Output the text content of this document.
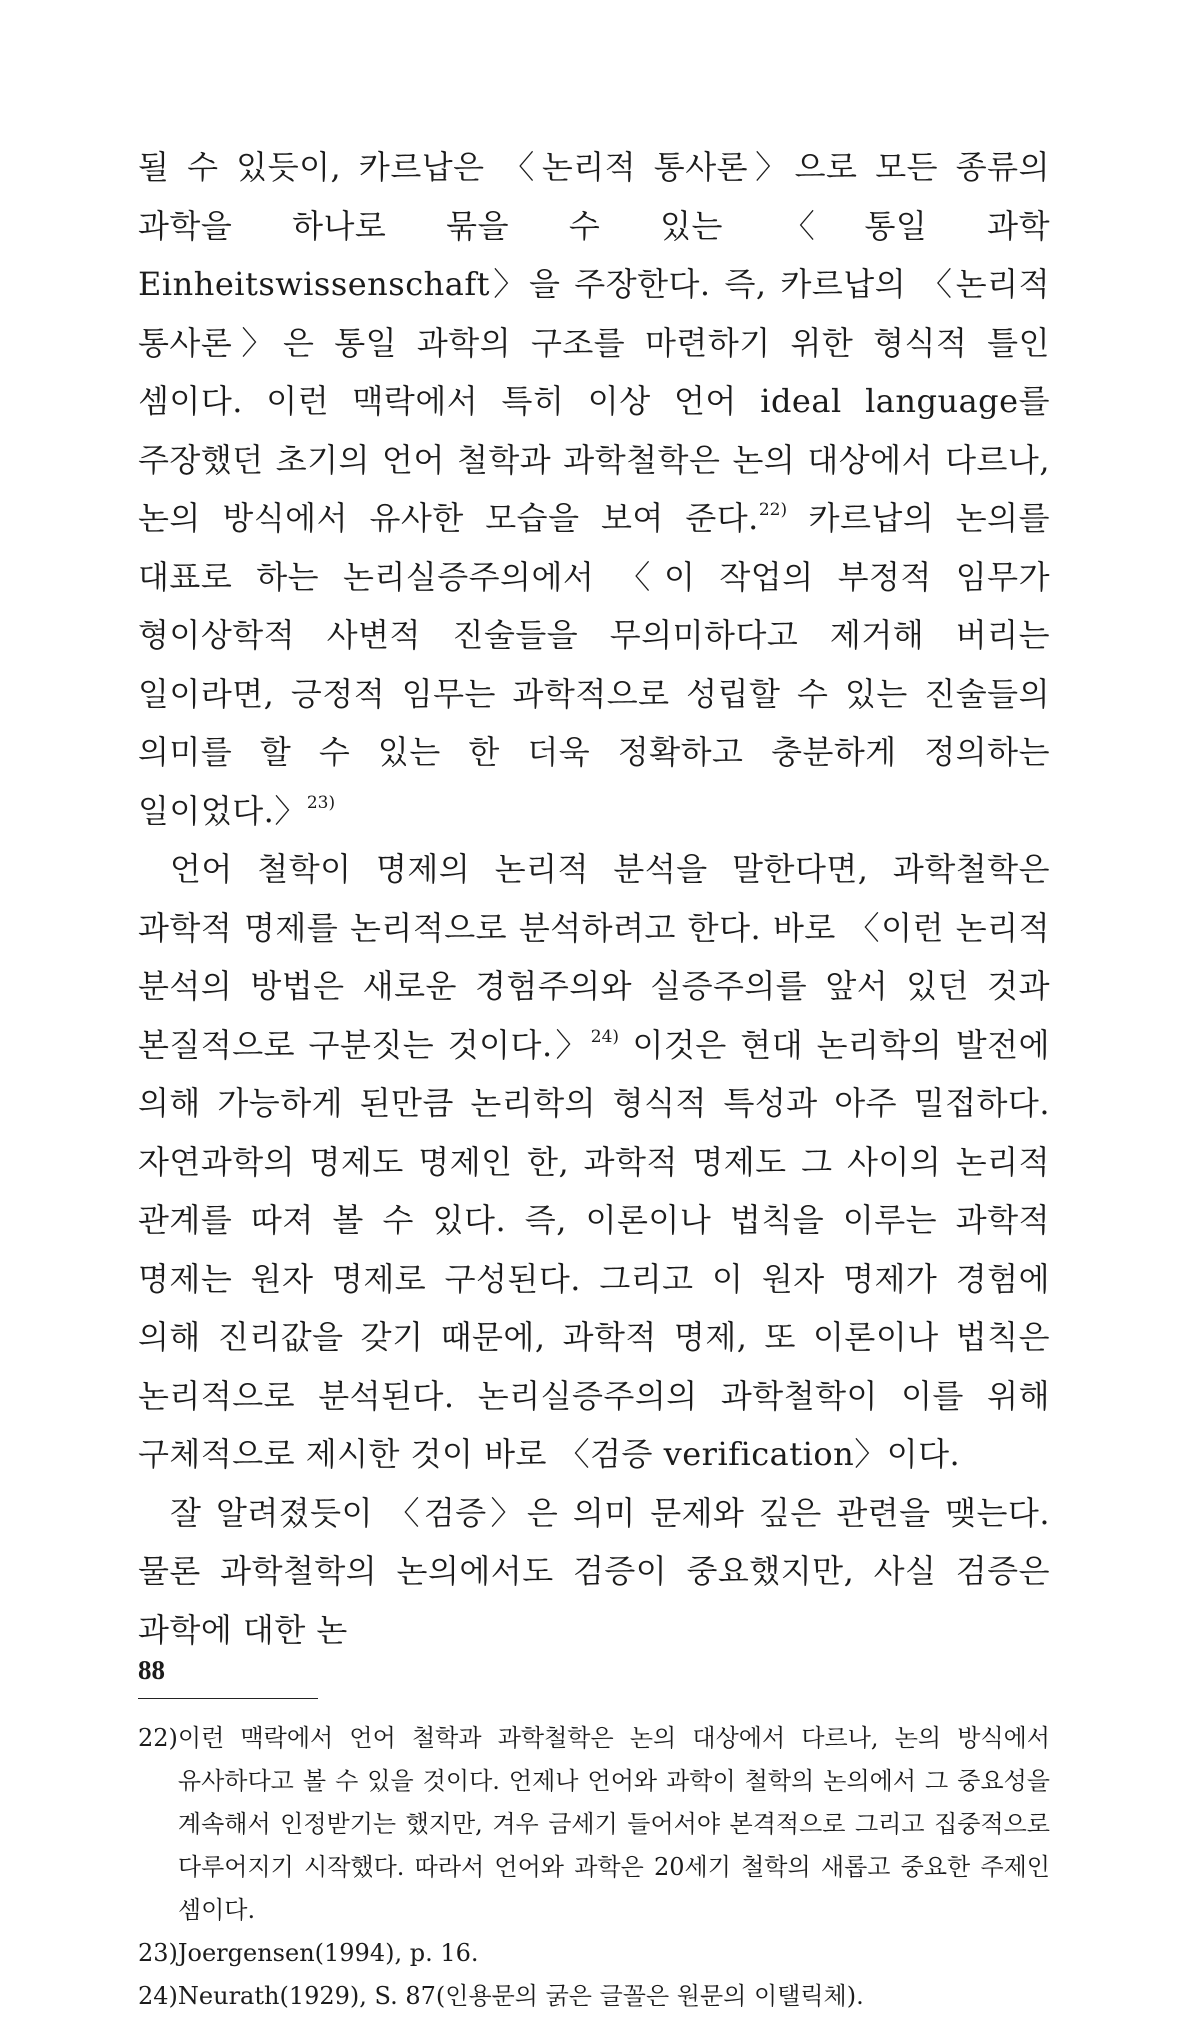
될 수 있듯이, 카르납은 〈논리적 통사론〉으로 모든 종류의 과학을 하나로 묶을 수 있는 〈통일 과학 Einheitswissenschaft〉을 주장한다. 즉, 카르납의 〈논리적 통사론〉은 통일 과학의 구조를 마련하기 위한 형식적 틀인 셈이다. 이런 맥락에서 특히 이상 언어 ideal language를 주장했던 초기의 언어 철학과 과학철학은 논의 대상에서 다르나, 논의 방식에서 유사한 모습을 보여 준다.$^{22)}$ 카르납의 논의를 대표로 하는 논리실증주의에서 〈이 작업의 부정적 임무가 형이상학적 사변적 진술들을 무의미하다고 제거해 버리는 일이라면, 긍정적 임무는 과학적으로 성립할 수 있는 진술들의 의미를 할 수 있는 한 더욱 정확하고 충분하게 정의하는 일이었다.〉$^{23)}$

언어 철학이 명제의 논리적 분석을 말한다면, 과학철학은 과학적 명제를 논리적으로 분석하려고 한다. 바로 〈이런 논리적 분석의 방법은 새로운 경험주의와 실증주의를 앞서 있던 것과 본질적으로 구분짓는 것이다.〉$^{24)}$ 이것은 현대 논리학의 발전에 의해 가능하게 된만큼 논리학의 형식적 특성과 아주 밀접하다. 자연과학의 명제도 명제인 한, 과학적 명제도 그 사이의 논리적 관계를 따져 볼 수 있다. 즉, 이론이나 법칙을 이루는 과학적 명제는 원자 명제로 구성된다. 그리고 이 원자 명제가 경험에 의해 진리값을 갖기 때문에, 과학적 명제, 또 이론이나 법칙은 논리적으로 분석된다. 논리실증주의의 과학철학이 이를 위해 구체적으로 제시한 것이 바로 〈검증 verification〉이다.

잘 알려졌듯이 〈검증〉은 의미 문제와 깊은 관련을 맺는다. 물론 과학철학의 논의에서도 검증이 중요했지만, 사실 검증은 과학에 대한 논

22) 이런 맥락에서 언어 철학과 과학철학은 논의 대상에서 다르나, 논의 방식에서 유사하다고 볼 수 있을 것이다. 언제나 언어와 과학이 철학의 논의에서 그 중요성을 계속해서 인정받기는 했지만, 겨우 금세기 들어서야 본격적으로 그리고 집중적으로 다루어지기 시작했다. 따라서 언어와 과학은 20세기 철학의 새롭고 중요한 주제인 셈이다.
23) Joergensen(1994), p. 16.
24) Neurath(1929), S. 87(인용문의 굵은 글꼴은 원문의 이탤릭체).
88
